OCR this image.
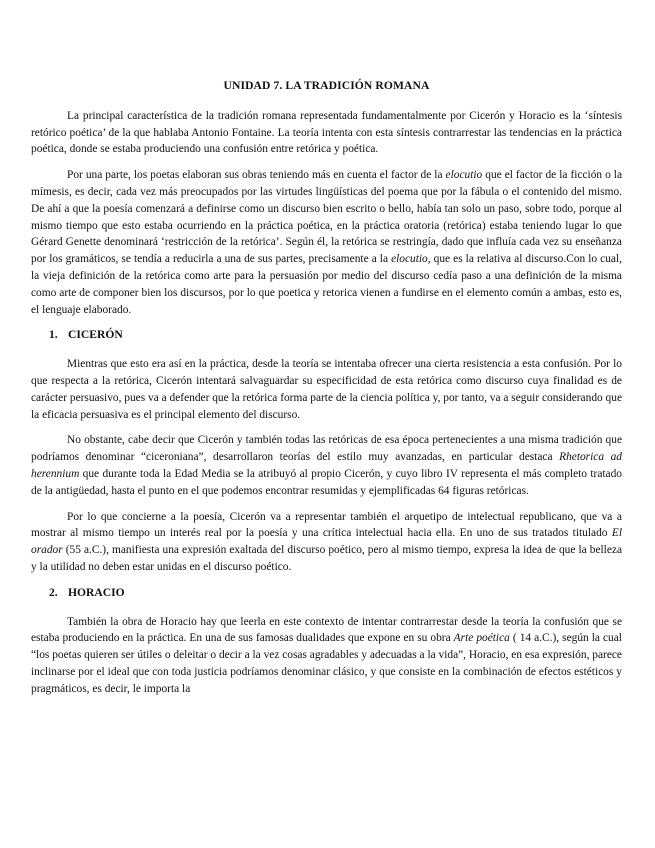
UNIDAD 7. LA TRADICIÓN ROMANA

La principal característica de la tradición romana representada fundamentalmente por Cicerón y Horacio es la ‘síntesis retórico poética’ de la que hablaba Antonio Fontaine. La teoría intenta con esta síntesis contrarrestar las tendencias en la práctica poética, donde se estaba produciendo una confusión entre retórica y poética.

Por una parte, los poetas elaboran sus obras teniendo más en cuenta el factor de la elocutio que el factor de la ficción o la mímesis, es decir, cada vez más preocupados por las virtudes lingüísticas del poema que por la fábula o el contenido del mismo. De ahí a que la poesía comenzará a definirse como un discurso bien escrito o bello, había tan solo un paso, sobre todo, porque al mismo tiempo que esto estaba ocurriendo en la práctica poética, en la práctica oratoria (retórica) estaba teniendo lugar lo que Gérard Genette denominará ‘restricción de la retórica’. Según él, la retórica se restringía, dado que influía cada vez su enseñanza por los gramáticos, se tendía a reducirla a una de sus partes, precisamente a la elocutio, que es la relativa al discurso.Con lo cual, la vieja definición de la retórica como arte para la persuasión por medio del discurso cedía paso a una definición de la misma como arte de componer bien los discursos, por lo que poetica y retorica vienen a fundirse en el elemento común a ambas, esto es, el lenguaje elaborado.

1. CICERÓN

Mientras que esto era así en la práctica, desde la teoría se intentaba ofrecer una cierta resistencia a esta confusión. Por lo que respecta a la retórica, Cicerón intentará salvaguardar su especificidad de esta retórica como discurso cuya finalidad es de carácter persuasivo, pues va a defender que la retórica forma parte de la ciencia política y, por tanto, va a seguir considerando que la eficacia persuasiva es el principal elemento del discurso.

No obstante, cabe decir que Cicerón y también todas las retóricas de esa época pertenecientes a una misma tradición que podríamos denominar “ciceroniana”, desarrollaron teorías del estilo muy avanzadas, en particular destaca Rhetorica ad herennium que durante toda la Edad Media se la atribuyó al propio Cicerón, y cuyo libro IV representa el más completo tratado de la antigüedad, hasta el punto en el que podemos encontrar resumidas y ejemplificadas 64 figuras retóricas.

Por lo que concierne a la poesía, Cicerón va a representar también el arquetipo de intelectual republicano, que va a mostrar al mismo tiempo un interés real por la poesía y una crítica intelectual hacia ella. En uno de sus tratados titulado El orador (55 a.C.), manifiesta una expresión exaltada del discurso poético, pero al mismo tiempo, expresa la idea de que la belleza y la utilidad no deben estar unidas en el discurso poético.

2. HORACIO

También la obra de Horacio hay que leerla en este contexto de intentar contrarrestar desde la teoría la confusión que se estaba produciendo en la práctica. En una de sus famosas dualidades que expone en su obra Arte poética ( 14 a.C.), según la cual “los poetas quieren ser útiles o deleitar o decir a la vez cosas agradables y adecuadas a la vida”, Horacio, en esa expresión, parece inclinarse por el ideal que con toda justicia podríamos denominar clásico, y que consiste en la combinación de efectos estéticos y pragmáticos, es decir, le importa la
